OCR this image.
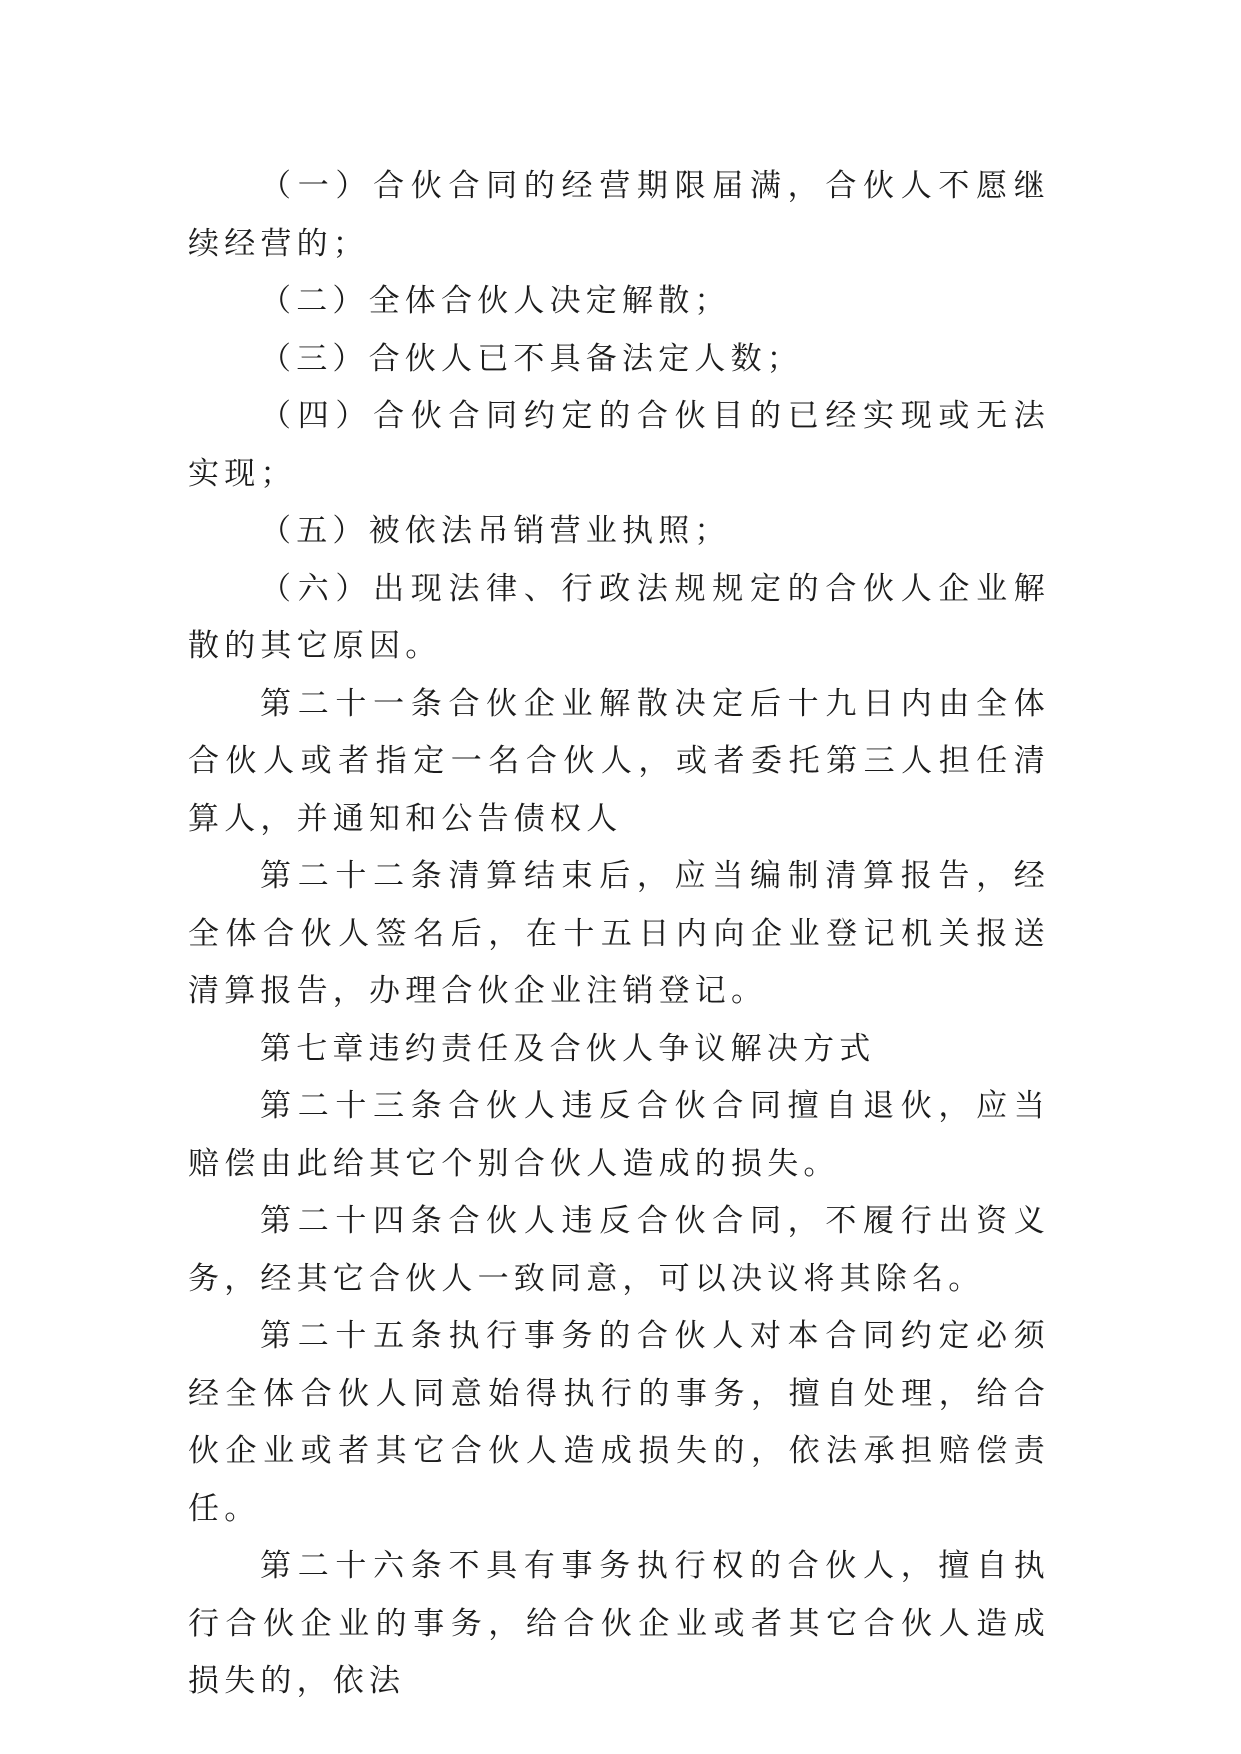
（一）合伙合同的经营期限届满，合伙人不愿继续经营的；

（二）全体合伙人决定解散；

（三）合伙人已不具备法定人数；

（四）合伙合同约定的合伙目的已经实现或无法实现；

（五）被依法吊销营业执照；

（六）出现法律、行政法规规定的合伙人企业解散的其它原因。

第二十一条合伙企业解散决定后十九日内由全体合伙人或者指定一名合伙人，或者委托第三人担任清算人，并通知和公告债权人

第二十二条清算结束后，应当编制清算报告，经全体合伙人签名后，在十五日内向企业登记机关报送清算报告，办理合伙企业注销登记。

第七章违约责任及合伙人争议解决方式

第二十三条合伙人违反合伙合同擅自退伙，应当赔偿由此给其它个别合伙人造成的损失。

第二十四条合伙人违反合伙合同，不履行出资义务，经其它合伙人一致同意，可以决议将其除名。

第二十五条执行事务的合伙人对本合同约定必须经全体合伙人同意始得执行的事务，擅自处理，给合伙企业或者其它合伙人造成损失的，依法承担赔偿责任。

第二十六条不具有事务执行权的合伙人，擅自执行合伙企业的事务，给合伙企业或者其它合伙人造成损失的，依法
